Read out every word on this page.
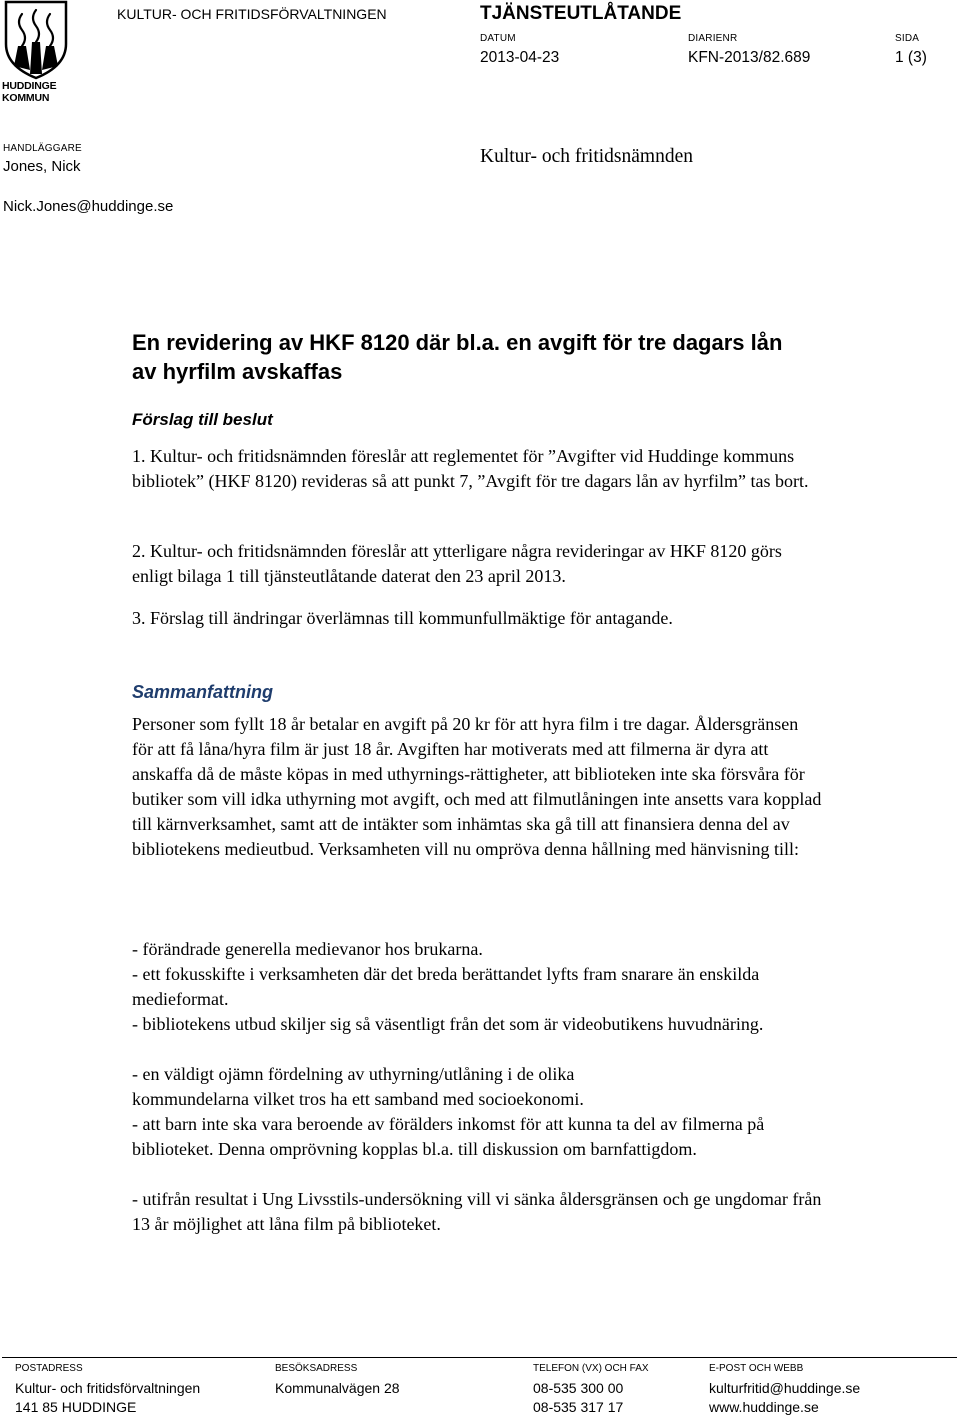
HUDDINGE
KOMMUN
KULTUR- OCH FRITIDSFÖRVALTNINGEN	TJÄNSTEUTLÅTANDE
DATUM
2013-04-23
DIARIENR
KFN-2013/82.689
SIDA
1 (3)
HANDLÄGGARE
Jones, Nick
Nick.Jones@huddinge.se
Kultur- och fritidsnämnden
En revidering av HKF 8120 där bl.a. en avgift för tre dagars lån av hyrfilm avskaffas
Förslag till beslut

1. Kultur- och fritidsnämnden föreslår att reglementet för ”Avgifter vid Huddinge kommuns bibliotek” (HKF 8120) revideras så att punkt 7, ”Avgift för tre dagars lån av hyrfilm” tas bort.

2. Kultur- och fritidsnämnden föreslår att ytterligare några revideringar av HKF 8120 görs enligt bilaga 1 till tjänsteutlåtande daterat den 23 april 2013.

3. Förslag till ändringar överlämnas till kommunfullmäktige för antagande.

Sammanfattning

Personer som fyllt 18 år betalar en avgift på 20 kr för att hyra film i tre dagar. Åldersgränsen för att få låna/hyra film är just 18 år. Avgiften har motiverats med att filmerna är dyra att anskaffa då de måste köpas in med uthyrnings-rättigheter, att biblioteken inte ska försvåra för butiker som vill idka uthyrning mot avgift, och med att filmutlåningen inte ansetts vara kopplad till kärnverksamhet, samt att de intäkter som inhämtas ska gå till att finansiera denna del av bibliotekens medieutbud. Verksamheten vill nu ompröva denna hållning med hänvisning till:

- förändrade generella medievanor hos brukarna.

- ett fokusskifte i verksamheten där det breda berättandet lyfts fram snarare än enskilda medieformat.

- bibliotekens utbud skiljer sig så väsentligt från det som är videobutikens huvudnäring.

- en väldigt ojämn fördelning av uthyrning/utlåning i de olika kommundelarna vilket tros ha ett samband med socioekonomi.

- att barn inte ska vara beroende av förälders inkomst för att kunna ta del av filmerna på biblioteket. Denna omprövning kopplas bl.a. till diskussion om barnfattigdom.

- utifrån resultat i Ung Livsstils-undersökning vill vi sänka åldersgränsen och ge ungdomar från 13 år möjlighet att låna film på biblioteket.

POSTADRESS
Kultur- och fritidsförvaltningen
141 85 HUDDINGE
BESÖKSADRESS
Kommunalvägen 28
TELEFON (VX) OCH FAX
08-535 300 00
08-535 317 17
E-POST OCH WEBB
kulturfritid@huddinge.se
www.huddinge.se
